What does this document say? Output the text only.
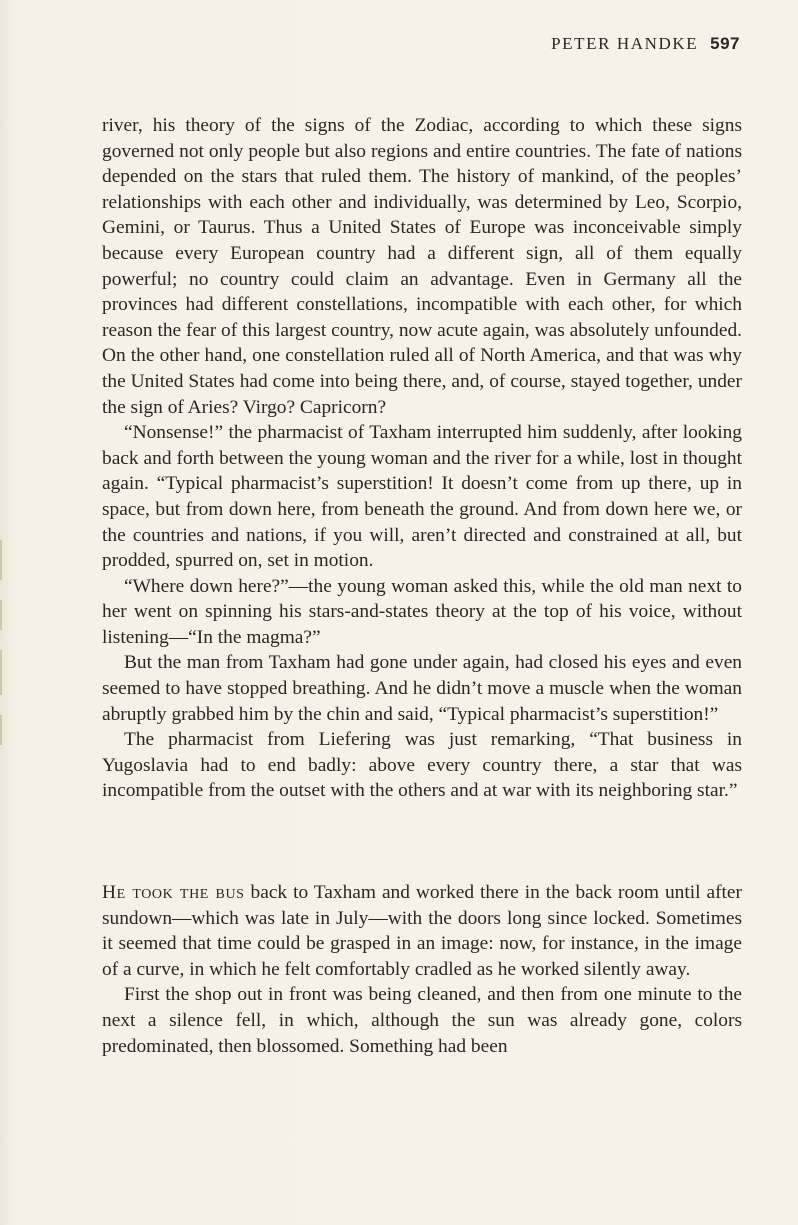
PETER HANDKE 597

river, his theory of the signs of the Zodiac, according to which these signs governed not only people but also regions and entire countries. The fate of nations depended on the stars that ruled them. The history of mankind, of the peoples’ relationships with each other and individually, was determined by Leo, Scorpio, Gemini, or Taurus. Thus a United States of Europe was inconceivable simply because every European country had a different sign, all of them equally powerful; no country could claim an advantage. Even in Germany all the provinces had different constellations, incompatible with each other, for which reason the fear of this largest country, now acute again, was absolutely unfounded. On the other hand, one constellation ruled all of North America, and that was why the United States had come into being there, and, of course, stayed together, under the sign of Aries? Virgo? Capricorn?

“Nonsense!” the pharmacist of Taxham interrupted him suddenly, after looking back and forth between the young woman and the river for a while, lost in thought again. “Typical pharmacist’s superstition! It doesn’t come from up there, up in space, but from down here, from beneath the ground. And from down here we, or the countries and nations, if you will, aren’t directed and constrained at all, but prodded, spurred on, set in motion.

“Where down here?”—the young woman asked this, while the old man next to her went on spinning his stars-and-states theory at the top of his voice, without listening—“In the magma?”

But the man from Taxham had gone under again, had closed his eyes and even seemed to have stopped breathing. And he didn’t move a muscle when the woman abruptly grabbed him by the chin and said, “Typical pharmacist’s superstition!”

The pharmacist from Liefering was just remarking, “That business in Yugoslavia had to end badly: above every country there, a star that was incompatible from the outset with the others and at war with its neighboring star.”

He took the bus back to Taxham and worked there in the back room until after sundown—which was late in July—with the doors long since locked. Sometimes it seemed that time could be grasped in an image: now, for instance, in the image of a curve, in which he felt comfortably cradled as he worked silently away.

First the shop out in front was being cleaned, and then from one minute to the next a silence fell, in which, although the sun was already gone, colors predominated, then blossomed. Something had been
